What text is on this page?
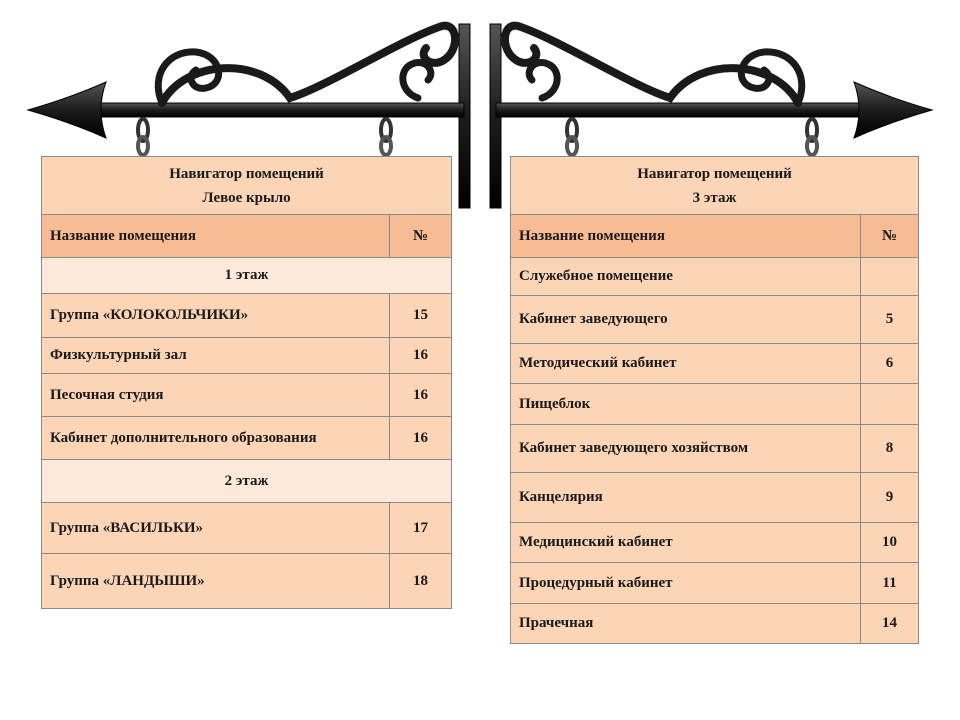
Навигатор помещений
Левое крыло	

Название помещения	№
1 этаж	
Группа «КОЛОКОЛЬЧИКИ»	15
Физкультурный зал	16
Песочная студия	16
Кабинет дополнительного образования	16
2 этаж	
Группа «ВАСИЛЬКИ»	17
Группа «ЛАНДЫШИ»	18
Навигатор помещений
3 этаж	

Название помещения	№
Служебное помещение	
Кабинет заведующего	5
Методический кабинет	6
Пищеблок	
Кабинет заведующего хозяйством	8
Канцелярия	9
Медицинский кабинет	10
Процедурный кабинет	11
Прачечная	14
